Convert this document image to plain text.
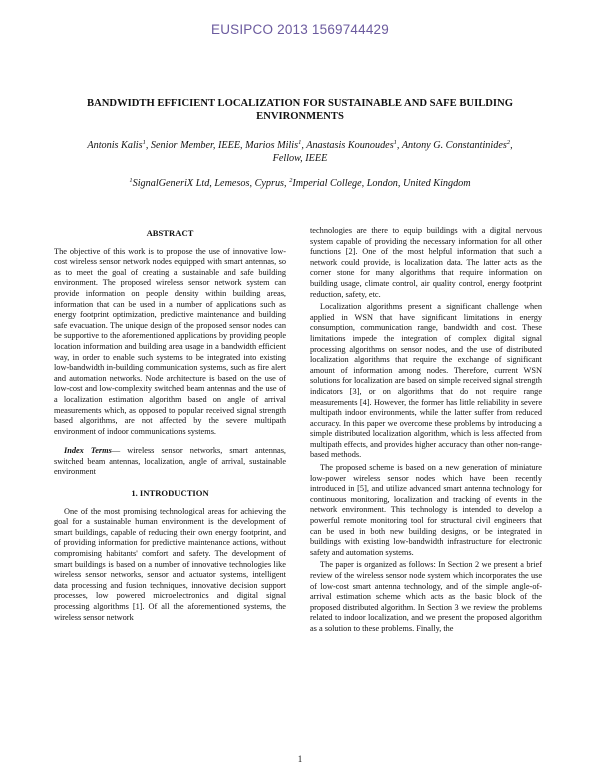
EUSIPCO 2013 1569744429
BANDWIDTH EFFICIENT LOCALIZATION FOR SUSTAINABLE AND SAFE BUILDING
ENVIRONMENTS
Antonis Kalis$^1$, Senior Member, IEEE, Marios Milis$^1$, Anastasis Kounoudes$^1$, Antony G. Constantinides$^2$,
Fellow, IEEE
$^1$SignalGeneriX Ltd, Lemesos, Cyprus, $^2$Imperial College, London, United Kingdom
ABSTRACT

The objective of this work is to propose the use of innovative low-cost wireless sensor network nodes equipped with smart antennas, so as to meet the goal of creating a sustainable and safe building environment. The proposed wireless sensor network system can provide information on people density within building areas, information that can be used in a number of applications such as energy footprint optimization, predictive maintenance and building safe evacuation. The unique design of the proposed sensor nodes can be supportive to the aforementioned applications by providing people location information and building area usage in a bandwidth efficient way, in order to enable such systems to be integrated into existing low-bandwidth in-building communication systems, such as fire alert and automation networks. Node architecture is based on the use of low-cost and low-complexity switched beam antennas and the use of a localization estimation algorithm based on angle of arrival measurements which, as opposed to popular received signal strength based algorithms, are not affected by the severe multipath environment of indoor communications systems.

Index Terms— wireless sensor networks, smart antennas, switched beam antennas, localization, angle of arrival, sustainable environment

1. INTRODUCTION

One of the most promising technological areas for achieving the goal for a sustainable human environment is the development of smart buildings, capable of reducing their own energy footprint, and of providing information for predictive maintenance actions, without compromising habitants' comfort and safety. The development of smart buildings is based on a number of innovative technologies like wireless sensor networks, sensor and actuator systems, intelligent data processing and fusion techniques, innovative decision support processes, low powered microelectronics and digital signal processing algorithms [1]. Of all the aforementioned systems, the wireless sensor network

technologies are there to equip buildings with a digital nervous system capable of providing the necessary information for all other functions [2]. One of the most helpful information that such a network could provide, is localization data. The latter acts as the corner stone for many algorithms that require information on building usage, climate control, air quality control, energy footprint reduction, safety, etc.

Localization algorithms present a significant challenge when applied in WSN that have significant limitations in energy consumption, communication range, bandwidth and cost. These limitations impede the integration of complex digital signal processing algorithms on sensor nodes, and the use of distributed localization algorithms that require the exchange of significant amount of information among nodes. Therefore, current WSN solutions for localization are based on simple received signal strength indicators [3], or on algorithms that do not require range measurements [4]. However, the former has little reliability in severe multipath indoor environments, while the latter suffer from reduced accuracy. In this paper we overcome these problems by introducing a simple distributed localization algorithm, which is less affected from multipath effects, and provides higher accuracy than other non-range-based methods.

The proposed scheme is based on a new generation of miniature low-power wireless sensor nodes which have been recently introduced in [5], and utilize advanced smart antenna technology for continuous monitoring, localization and tracking of events in the network environment. This technology is intended to develop a powerful remote monitoring tool for structural civil engineers that can be used in both new building designs, or be integrated in buildings with existing low-bandwidth infrastructure for electronic safety and automation systems.

The paper is organized as follows: In Section 2 we present a brief review of the wireless sensor node system which incorporates the use of low-cost smart antenna technology, and of the simple angle-of-arrival estimation scheme which acts as the basic block of the proposed distributed algorithm. In Section 3 we review the problems related to indoor localization, and we present the proposed algorithm as a solution to these problems. Finally, the

1
